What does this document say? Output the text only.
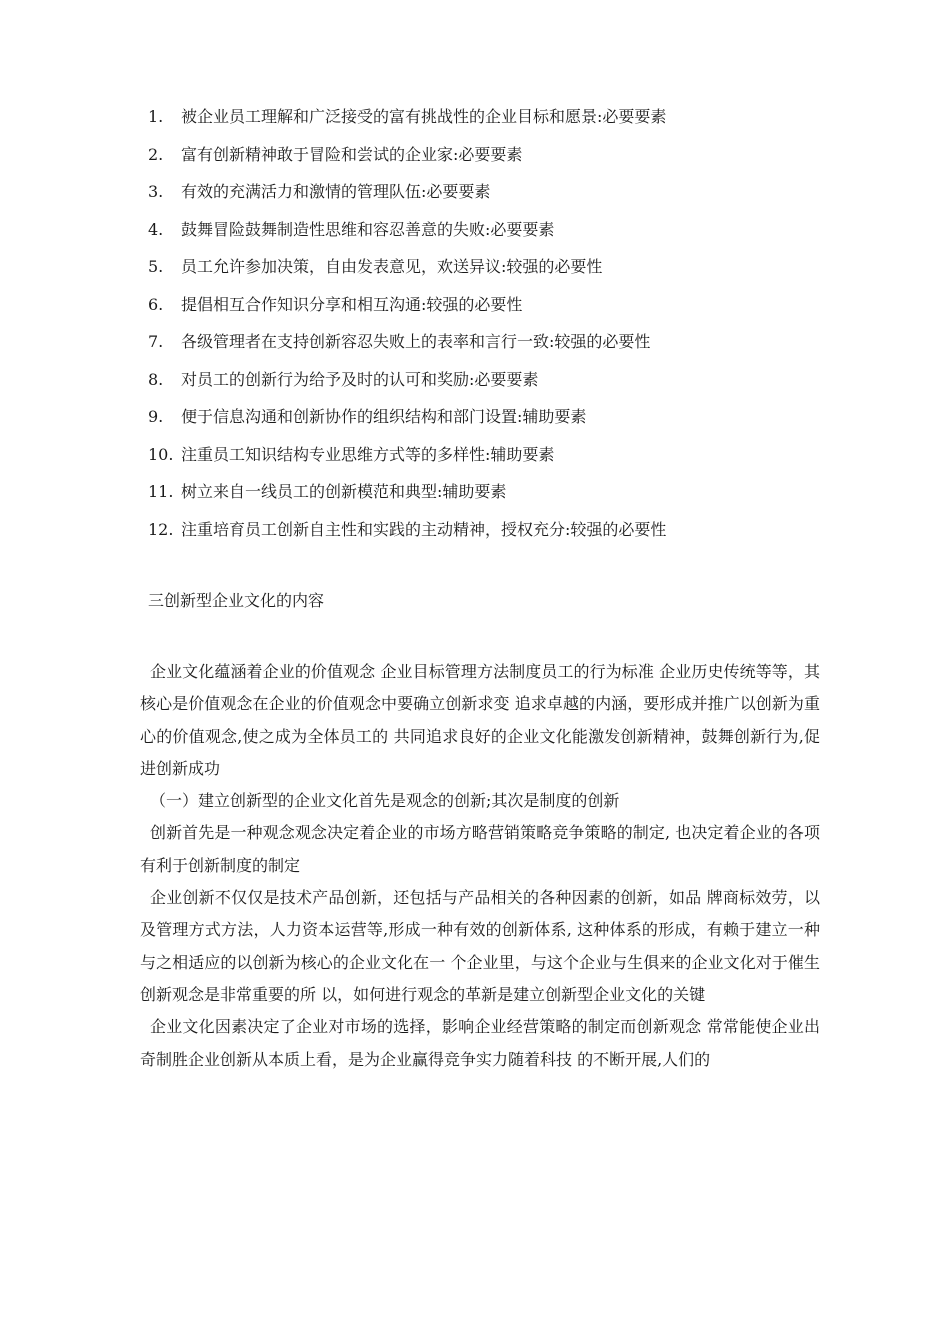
1. 被企业员工理解和广泛接受的富有挑战性的企业目标和愿景:必要要素
2. 富有创新精神敢于冒险和尝试的企业家:必要要素
3. 有效的充满活力和激情的管理队伍:必要要素
4. 鼓舞冒险鼓舞制造性思维和容忍善意的失败:必要要素
5. 员工允许参加决策，自由发表意见，欢送异议:较强的必要性
6. 提倡相互合作知识分享和相互沟通:较强的必要性
7. 各级管理者在支持创新容忍失败上的表率和言行一致:较强的必要性
8. 对员工的创新行为给予及时的认可和奖励:必要要素
9. 便于信息沟通和创新协作的组织结构和部门设置:辅助要素
10. 注重员工知识结构专业思维方式等的多样性:辅助要素
11. 树立来自一线员工的创新模范和典型:辅助要素
12. 注重培育员工创新自主性和实践的主动精神，授权充分:较强的必要性
三创新型企业文化的内容

企业文化蕴涵着企业的价值观念 企业目标管理方法制度员工的行为标准 企业历史传统等等，其核心是价值观念在企业的价值观念中要确立创新求变 追求卓越的内涵，要形成并推广以创新为重心的价值观念,使之成为全体员工的 共同追求良好的企业文化能激发创新精神，鼓舞创新行为,促进创新成功

（一）建立创新型的企业文化首先是观念的创新;其次是制度的创新

创新首先是一种观念观念决定着企业的市场方略营销策略竞争策略的制定, 也决定着企业的各项有利于创新制度的制定

企业创新不仅仅是技术产品创新，还包括与产品相关的各种因素的创新，如品 牌商标效劳，以及管理方式方法，人力资本运营等,形成一种有效的创新体系, 这种体系的形成，有赖于建立一种与之相适应的以创新为核心的企业文化在一 个企业里，与这个企业与生俱来的企业文化对于催生创新观念是非常重要的所 以，如何进行观念的革新是建立创新型企业文化的关键

企业文化因素决定了企业对市场的选择，影响企业经营策略的制定而创新观念 常常能使企业出奇制胜企业创新从本质上看，是为企业赢得竞争实力随着科技 的不断开展,人们的
